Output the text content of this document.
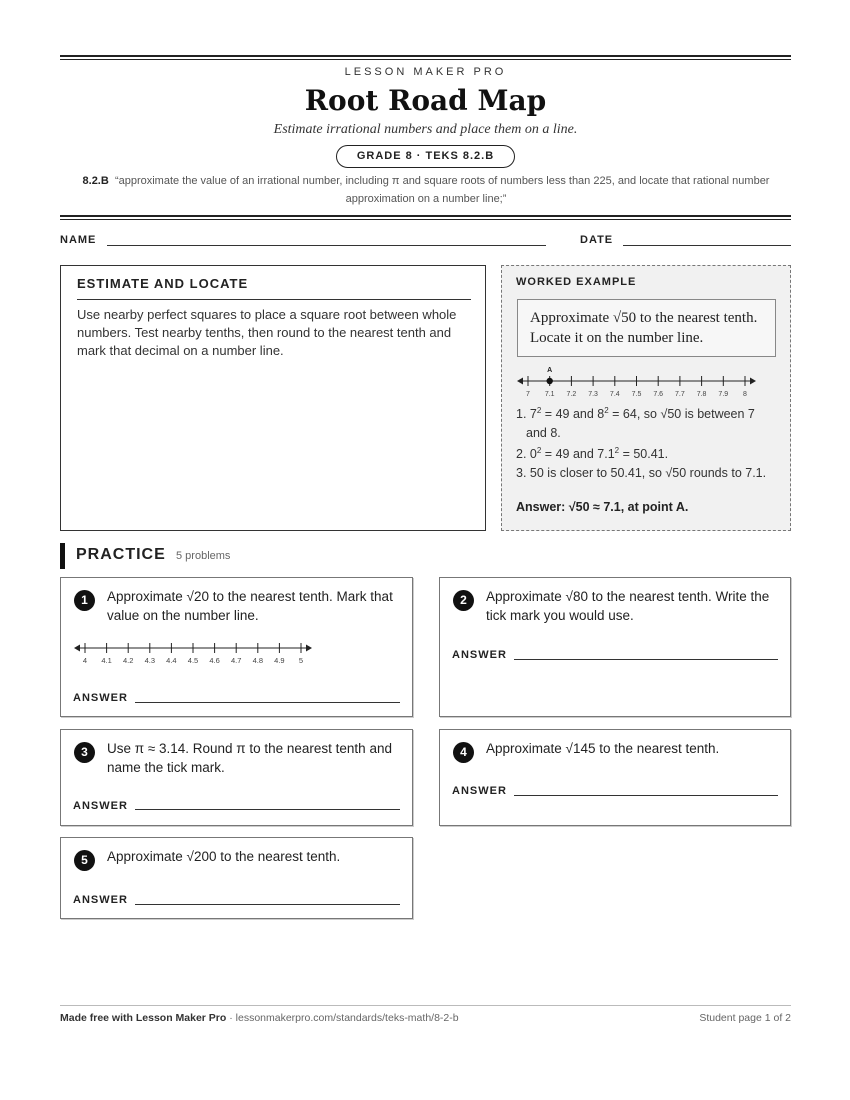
LESSON MAKER PRO
Root Road Map
Estimate irrational numbers and place them on a line.
GRADE 8 · TEKS 8.2.B
8.2.B “approximate the value of an irrational number, including π and square roots of numbers less than 225, and locate that rational number approximation on a number line;”
NAME	DATE
ESTIMATE AND LOCATE

Use nearby perfect squares to place a square root between whole numbers. Test nearby tenths, then round to the nearest tenth and mark that decimal on a number line.

WORKED EXAMPLE
Approximate √50 to the nearest tenth. Locate it on the number line.
7 7.1 7.2 7.3 7.4 7.5 7.6 7.7 7.8 7.9 8
A
1. $7^2 = 49$ and $8^2 = 64$, so √50 is between 7 and 8.
2. $0^2 = 49$ and $7.1^2 = 50.41$.
3. 50 is closer to 50.41, so √50 rounds to 7.1.
Answer: √50 ≈ 7.1, at point A.
PRACTICE 5 problems
1	Approximate √20 to the nearest tenth. Mark that value on the number line.
4 4.1 4.2 4.3 4.4 4.5 4.6 4.7 4.8 4.9 5
ANSWER
2	Approximate √80 to the nearest tenth. Write the tick mark you would use.
ANSWER
3	Use π ≈ 3.14. Round π to the nearest tenth and name the tick mark.
ANSWER
4	Approximate √145 to the nearest tenth.
ANSWER
5	Approximate √200 to the nearest tenth.
ANSWER
Made free with Lesson Maker Pro · lessonmakerpro.com/standards/teks-math/8-2-b	Student page 1 of 2
